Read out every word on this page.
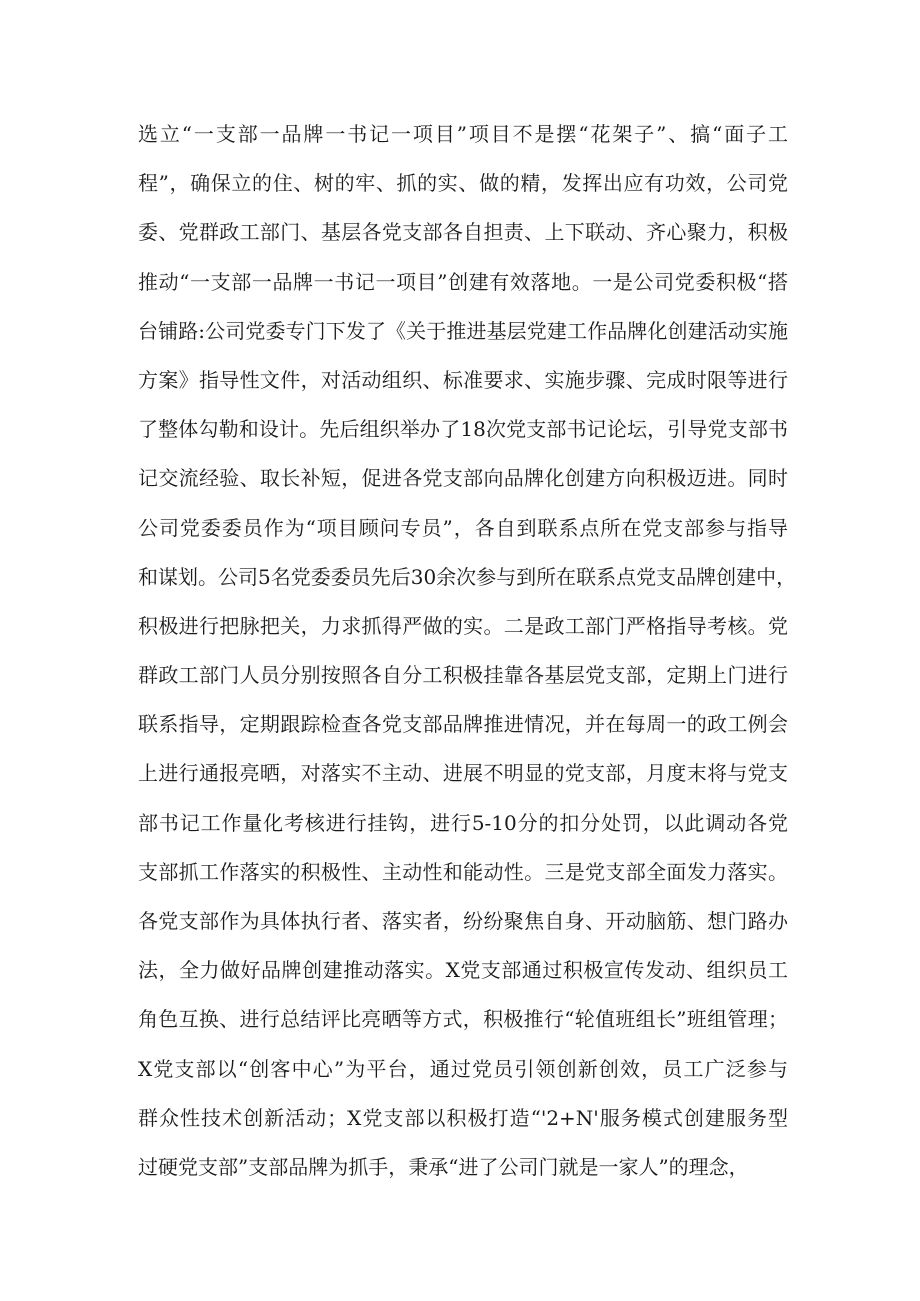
选立“一支部一品牌一书记一项目”项目不是摆“花架子”、搞“面子工
程”，确保立的住、树的牢、抓的实、做的精，发挥出应有功效，公司党
委、党群政工部门、基层各党支部各自担责、上下联动、齐心聚力，积极
推动“一支部一品牌一书记一项目”创建有效落地。一是公司党委积极“搭
台铺路:公司党委专门下发了《关于推进基层党建工作品牌化创建活动实施
方案》指导性文件，对活动组织、标准要求、实施步骤、完成时限等进行
了整体勾勒和设计。先后组织举办了18次党支部书记论坛，引导党支部书
记交流经验、取长补短，促进各党支部向品牌化创建方向积极迈进。同时
公司党委委员作为“项目顾问专员”，各自到联系点所在党支部参与指导
和谋划。公司5名党委委员先后30余次参与到所在联系点党支品牌创建中，
积极进行把脉把关，力求抓得严做的实。二是政工部门严格指导考核。党
群政工部门人员分别按照各自分工积极挂靠各基层党支部，定期上门进行
联系指导，定期跟踪检查各党支部品牌推进情况，并在每周一的政工例会
上进行通报亮晒，对落实不主动、进展不明显的党支部，月度末将与党支
部书记工作量化考核进行挂钩，进行5-10分的扣分处罚，以此调动各党
支部抓工作落实的积极性、主动性和能动性。三是党支部全面发力落实。
各党支部作为具体执行者、落实者，纷纷聚焦自身、开动脑筋、想门路办
法，全力做好品牌创建推动落实。X党支部通过积极宣传发动、组织员工
角色互换、进行总结评比亮晒等方式，积极推行“轮值班组长”班组管理；
X党支部以“创客中心”为平台，通过党员引领创新创效，员工广泛参与
群众性技术创新活动；X党支部以积极打造“'2+N'服务模式创建服务型
过硬党支部”支部品牌为抓手，秉承“进了公司门就是一家人”的理念，
